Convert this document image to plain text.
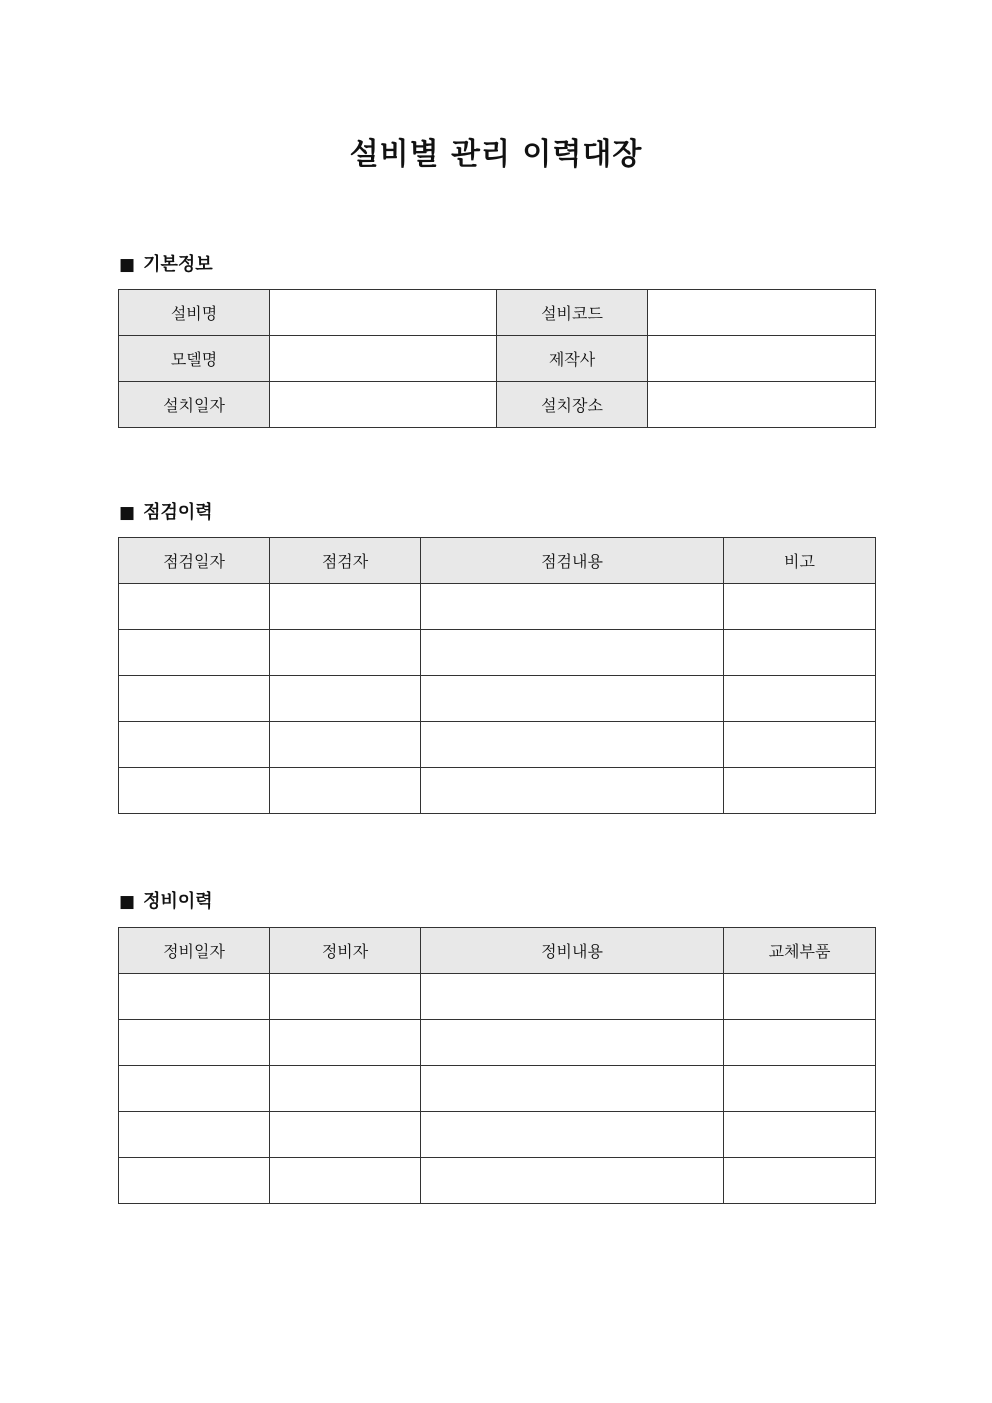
설비별 관리 이력대장
■ 기본정보
설비명		설비코드	
모델명		제작사	
설치일자		설치장소	
■ 점검이력
점검일자	점검자	점검내용	비고

■ 정비이력
정비일자	정비자	정비내용	교체부품
